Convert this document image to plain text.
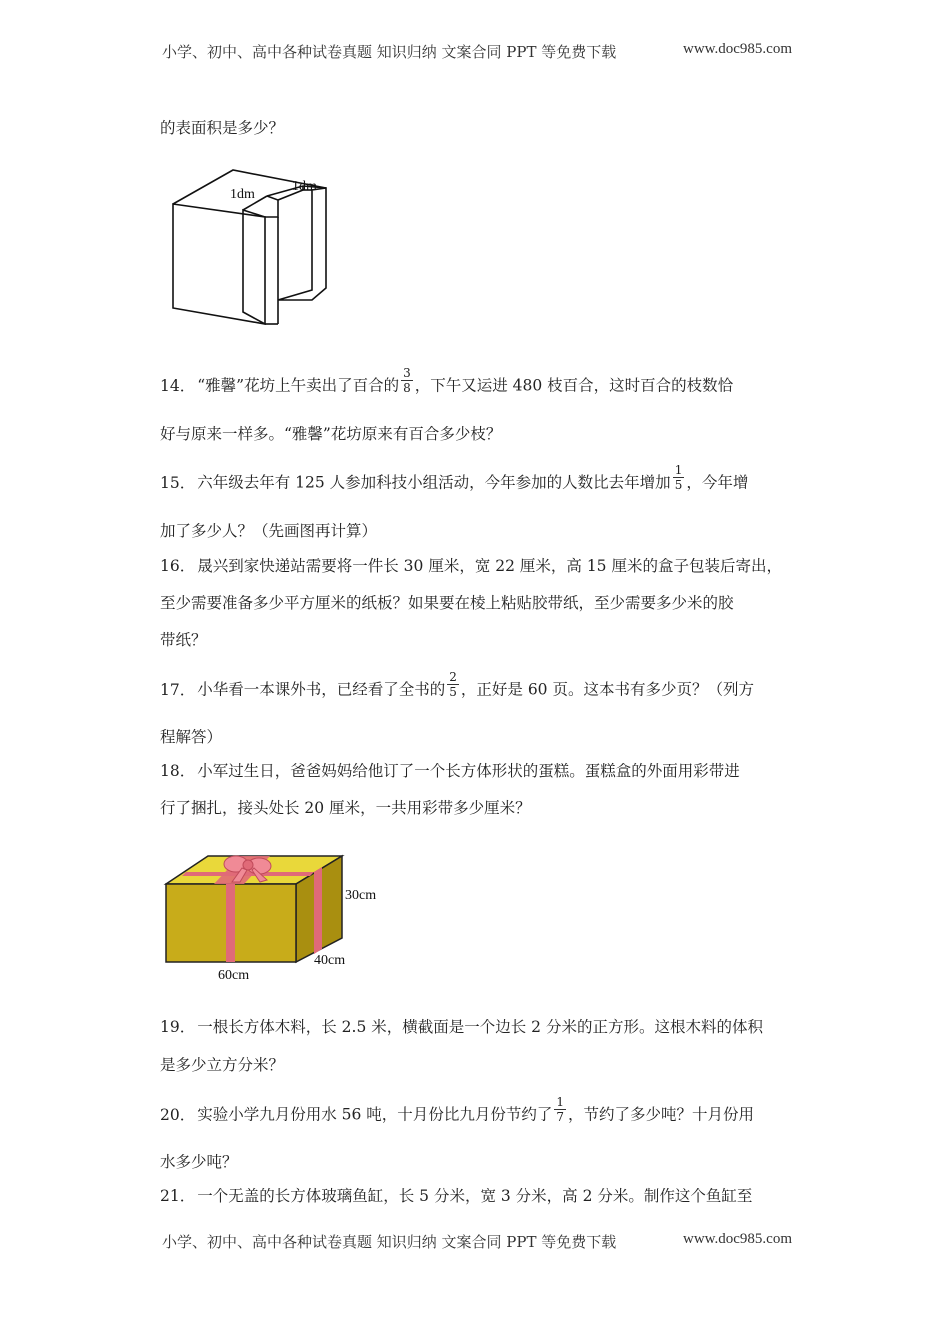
小学、初中、高中各种试卷真题 知识归纳 文案合同 PPT 等免费下载	www.doc985.com
的表面积是多少？
1dm
1dm
14． “雅馨”花坊上午卖出了百合的 $\frac{3}{8}$ ，下午又运进 480 枝百合，这时百合的枝数恰
好与原来一样多。“雅馨”花坊原来有百合多少枝？
15． 六年级去年有 125 人参加科技小组活动，今年参加的人数比去年增加 $\frac{1}{5}$ ，今年增
加了多少人？（先画图再计算）
16． 晟兴到家快递站需要将一件长 30 厘米，宽 22 厘米，高 15 厘米的盒子包装后寄出，
至少需要准备多少平方厘米的纸板？如果要在棱上粘贴胶带纸，至少需要多少米的胶
带纸？
17． 小华看一本课外书，已经看了全书的 $\frac{2}{5}$ ，正好是 60 页。这本书有多少页？（列方
程解答）
18． 小军过生日，爸爸妈妈给他订了一个长方体形状的蛋糕。蛋糕盒的外面用彩带进
行了捆扎，接头处长 20 厘米，一共用彩带多少厘米？
30cm
40cm
60cm
19． 一根长方体木料，长 2.5 米，横截面是一个边长 2 分米的正方形。这根木料的体积
是多少立方分米？
20． 实验小学九月份用水 56 吨，十月份比九月份节约了 $\frac{1}{7}$ ，节约了多少吨？十月份用
水多少吨？
21． 一个无盖的长方体玻璃鱼缸，长 5 分米，宽 3 分米，高 2 分米。制作这个鱼缸至
小学、初中、高中各种试卷真题 知识归纳 文案合同 PPT 等免费下载	www.doc985.com
